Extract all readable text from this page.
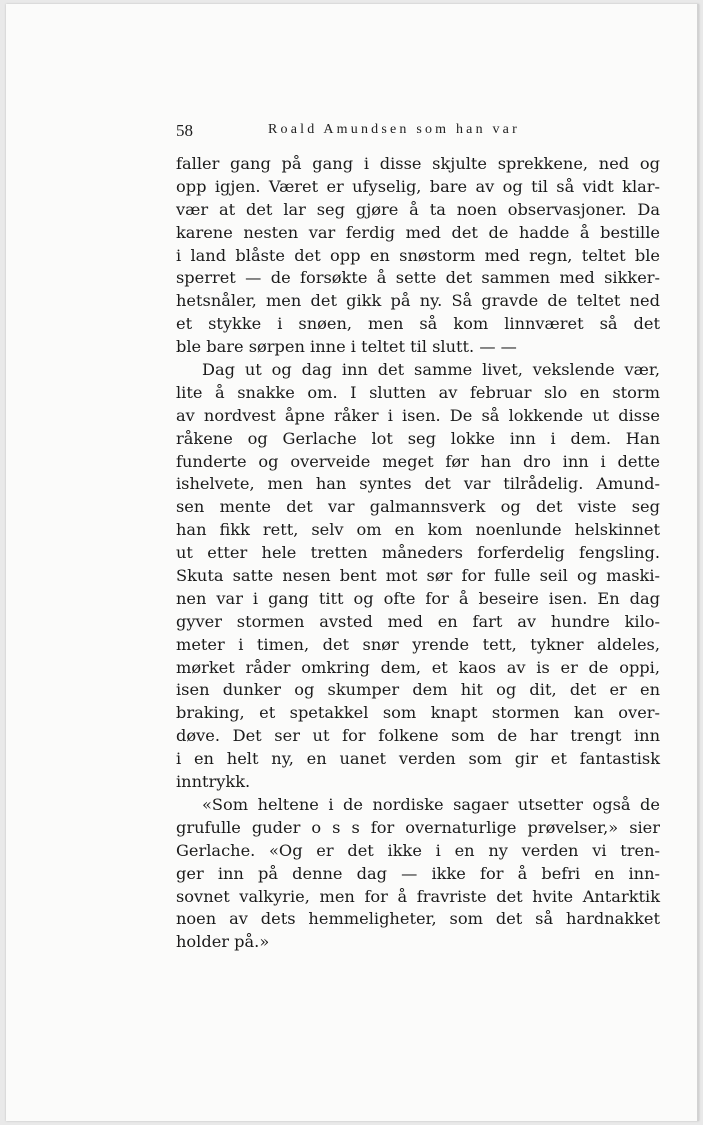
58	Roald Amundsen som han var
faller gang på gang i disse skjulte sprekkene, ned og
opp igjen. Været er ufyselig, bare av og til så vidt klar-
vær at det lar seg gjøre å ta noen observasjoner. Da
karene nesten var ferdig med det de hadde å bestille
i land blåste det opp en snøstorm med regn, teltet ble
sperret — de forsøkte å sette det sammen med sikker-
hetsnåler, men det gikk på ny. Så gravde de teltet ned
et stykke i snøen, men så kom linnværet så det
ble bare sørpen inne i teltet til slutt. — —
Dag ut og dag inn det samme livet, vekslende vær,
lite å snakke om. I slutten av februar slo en storm
av nordvest åpne råker i isen. De så lokkende ut disse
råkene og Gerlache lot seg lokke inn i dem. Han
funderte og overveide meget før han dro inn i dette
ishelvete, men han syntes det var tilrådelig. Amund-
sen mente det var galmannsverk og det viste seg
han fikk rett, selv om en kom noenlunde helskinnet
ut etter hele tretten måneders forferdelig fengsling.
Skuta satte nesen bent mot sør for fulle seil og maski-
nen var i gang titt og ofte for å beseire isen. En dag
gyver stormen avsted med en fart av hundre kilo-
meter i timen, det snør yrende tett, tykner aldeles,
mørket råder omkring dem, et kaos av is er de oppi,
isen dunker og skumper dem hit og dit, det er en
braking, et spetakkel som knapt stormen kan over-
døve. Det ser ut for folkene som de har trengt inn
i en helt ny, en uanet verden som gir et fantastisk
inntrykk.
«Som heltene i de nordiske sagaer utsetter også de
grufulle guder o s s for overnaturlige prøvelser,» sier
Gerlache. «Og er det ikke i en ny verden vi tren-
ger inn på denne dag — ikke for å befri en inn-
sovnet valkyrie, men for å fravriste det hvite Antarktik
noen av dets hemmeligheter, som det så hardnakket
holder på.»
